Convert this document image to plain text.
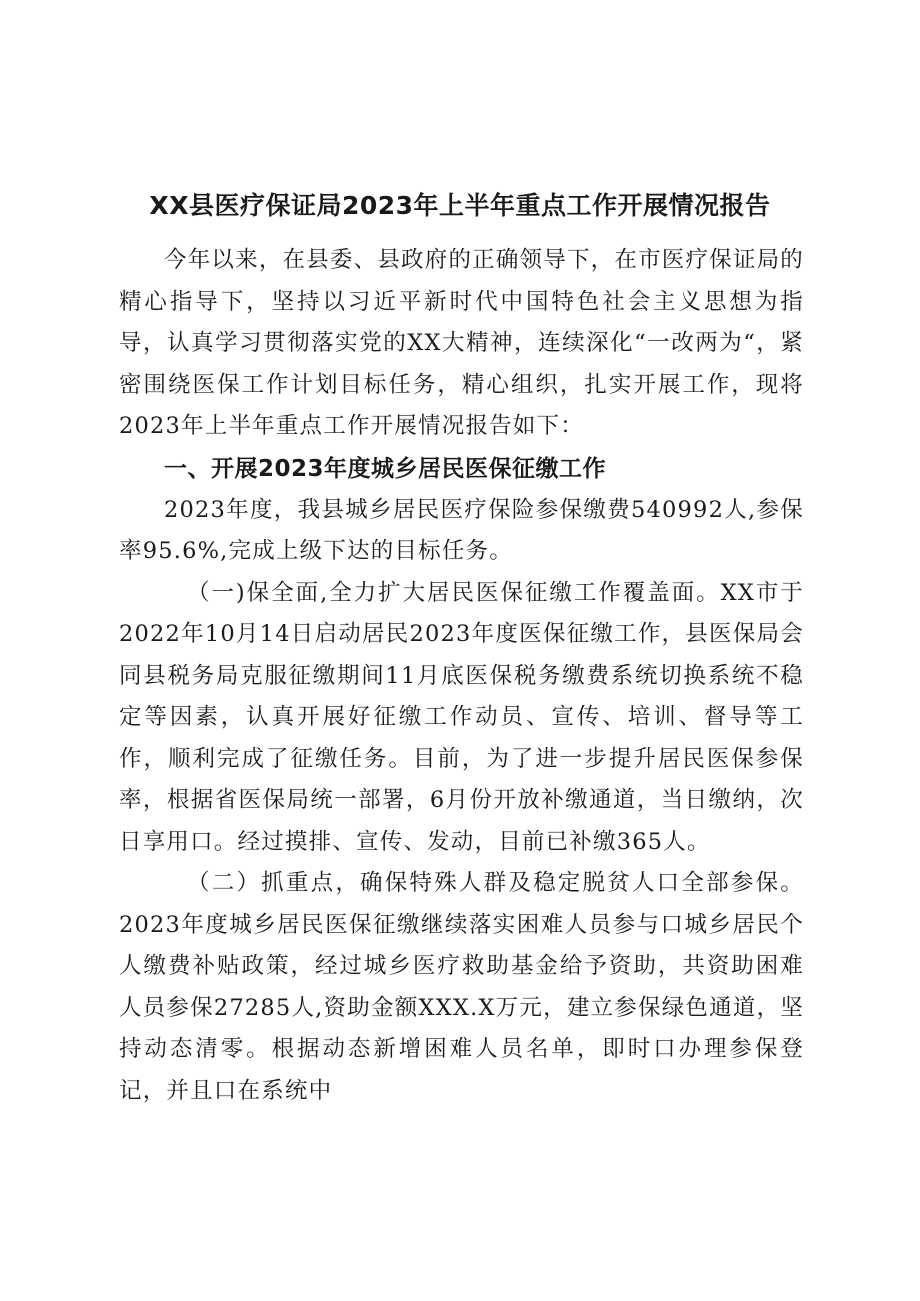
XX县医疗保证局2023年上半年重点工作开展情况报告

今年以来，在县委、县政府的正确领导下，在市医疗保证局的精心指导下，坚持以习近平新时代中国特色社会主义思想为指导，认真学习贯彻落实党的XX大精神，连续深化“一改两为“，紧密围绕医保工作计划目标任务，精心组织，扎实开展工作，现将2023年上半年重点工作开展情况报告如下：

一、开展2023年度城乡居民医保征缴工作

2023年度，我县城乡居民医疗保险参保缴费540992人,参保率95.6%,完成上级下达的目标任务。

（一)保全面,全力扩大居民医保征缴工作覆盖面。XX市于2022年10月14日启动居民2023年度医保征缴工作，县医保局会同县税务局克服征缴期间11月底医保税务缴费系统切换系统不稳定等因素，认真开展好征缴工作动员、宣传、培训、督导等工作，顺利完成了征缴任务。目前，为了进一步提升居民医保参保率，根据省医保局统一部署，6月份开放补缴通道，当日缴纳，次日享用口。经过摸排、宣传、发动，目前已补缴365人。

（二）抓重点，确保特殊人群及稳定脱贫人口全部参保。2023年度城乡居民医保征缴继续落实困难人员参与口城乡居民个人缴费补贴政策，经过城乡医疗救助基金给予资助，共资助困难人员参保27285人,资助金额XXX.X万元，建立参保绿色通道，坚持动态清零。根据动态新增困难人员名单，即时口办理参保登记，并且口在系统中
